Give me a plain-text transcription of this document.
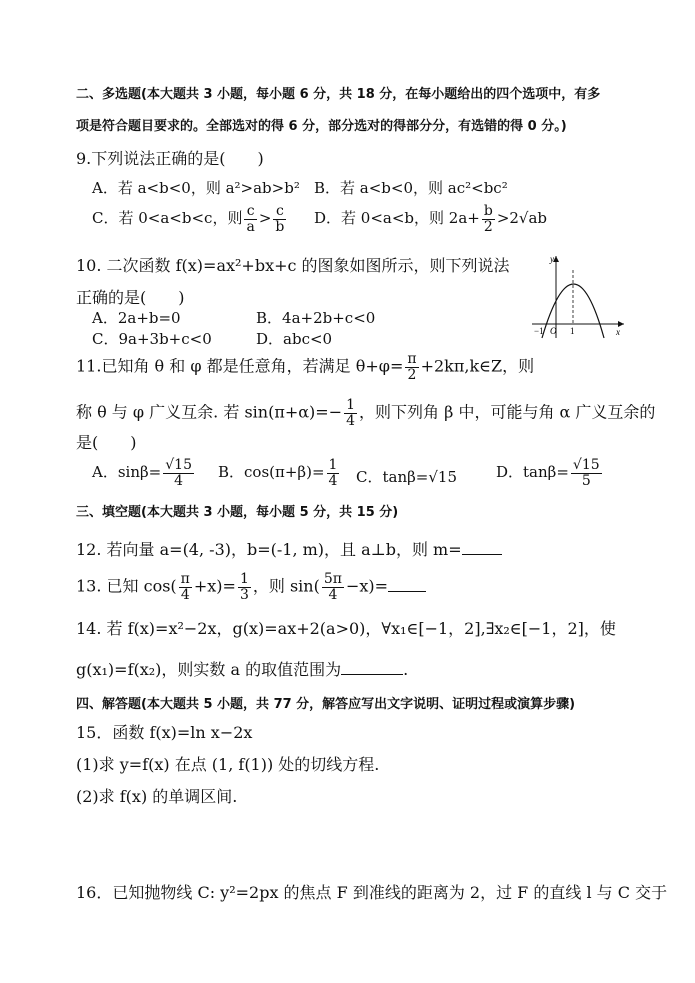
二、多选题(本大题共 3 小题，每小题 6 分，共 18 分，在每小题给出的四个选项中，有多
项是符合题目要求的。全部选对的得 6 分，部分选对的得部分分，有选错的得 0 分。)
9.下列说法正确的是(　　)
A．若 a<b<0，则 a²>ab>b² B．若 a<b<0，则 ac²<bc²
C．若 0<a<b<c，则 $\frac{c}{a} > \frac{c}{b}$ D．若 0<a<b，则 $2a+ \frac{b}{2} >2√ab$
10. 二次函数 f(x)=ax²+bx+c 的图象如图所示，则下列说法
正确的是(　　)
A．2a+b=0	B．4a+2b+c<0
C．9a+3b+c<0	D．abc<0
y
x
−1 O 1
11.已知角 θ 和 φ 都是任意角，若满足 $\theta+\varphi= \frac{\pi}{2}$ +2kπ,k∈Z，则
称 θ 与 φ 广义互余. 若 $\sin(\pi+\alpha)=- \frac{1}{4}$ ，则下列角 β 中，可能与角 α 广义互余的
是(　　)
A．$\sin\beta= \frac{√15}{4}$ B．$\cos(\pi+\beta)= \frac{1}{4}$ C．tanβ=√15	D．$\tan\beta= \frac{√15}{5}$
三、填空题(本大题共 3 小题，每小题 5 分，共 15 分)
12. 若向量 a=(4, -3)，b=(-1, m)，且 a⊥b，则 m=
13. 已知 $\cos( \frac{\pi}{4} +x)= \frac{1}{3}$ ，则 $\sin( \frac{5\pi}{4} -x)=$
14. 若 f(x)=x²−2x，g(x)=ax+2(a>0)，∀x₁∈[−1，2],∃x₂∈[−1，2]，使
g(x₁)=f(x₂)，则实数 a 的取值范围为	.
四、解答题(本大题共 5 小题，共 77 分，解答应写出文字说明、证明过程或演算步骤)
15．函数 f(x)=ln x−2x
(1)求 y=f(x) 在点 (1, f(1)) 处的切线方程.
(2)求 f(x) 的单调区间.
16．已知抛物线 C: y²=2px 的焦点 F 到准线的距离为 2，过 F 的直线 l 与 C 交于
